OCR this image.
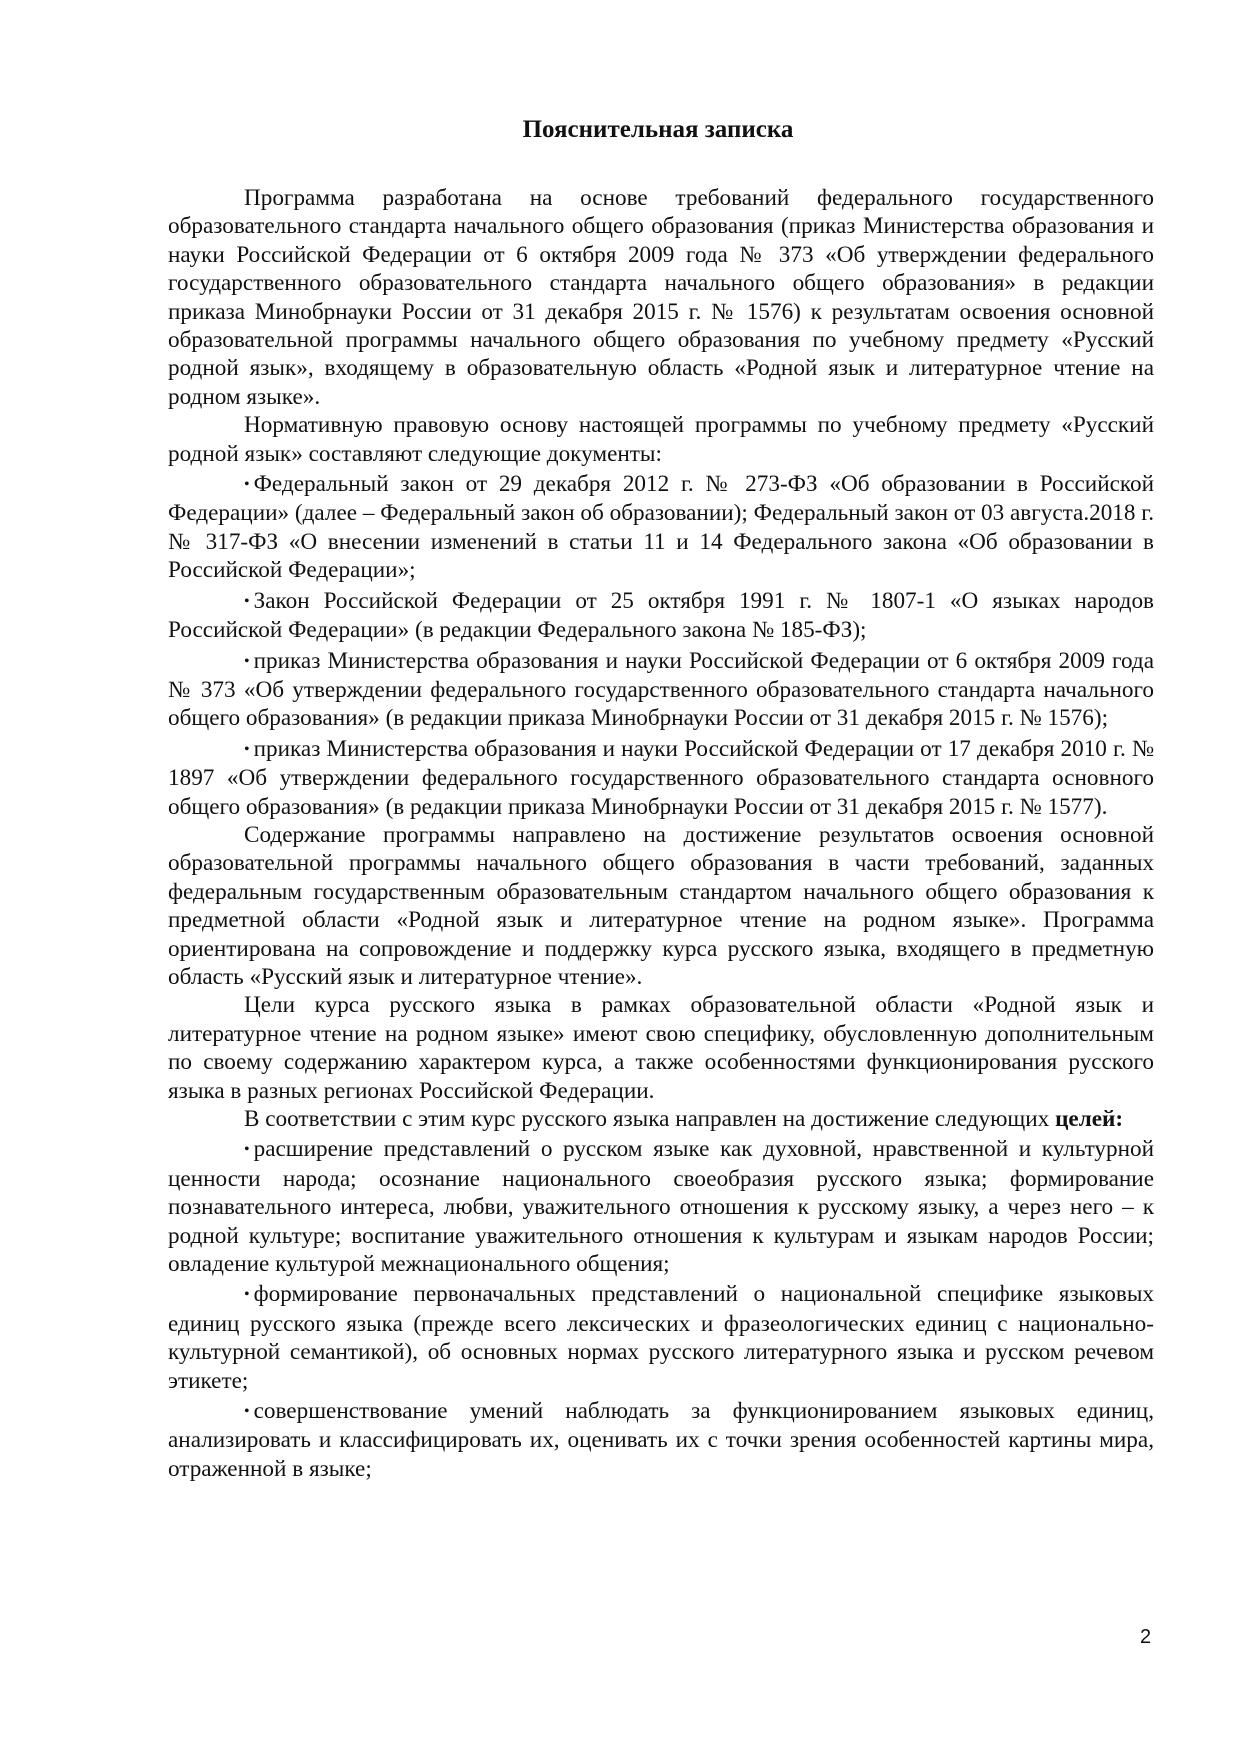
Пояснительная записка

Программа разработана на основе требований федерального государственного образовательного стандарта начального общего образования (приказ Министерства образования и науки Российской Федерации от 6 октября 2009 года № 373 «Об утверждении федерального государственного образовательного стандарта начального общего образования» в редакции приказа Минобрнауки России от 31 декабря 2015 г. № 1576) к результатам освоения основной образовательной программы начального общего образования по учебному предмету «Русский родной язык», входящему в образовательную область «Родной язык и литературное чтение на родном языке».

Нормативную правовую основу настоящей программы по учебному предмету «Русский родной язык» составляют следующие документы:

• Федеральный закон от 29 декабря 2012 г. № 273-ФЗ «Об образовании в Российской Федерации» (далее – Федеральный закон об образовании); Федеральный закон от 03 августа.2018 г. № 317-ФЗ «О внесении изменений в статьи 11 и 14 Федерального закона «Об образовании в Российской Федерации»;

• Закон Российской Федерации от 25 октября 1991 г. № 1807-1 «О языках народов Российской Федерации» (в редакции Федерального закона № 185-ФЗ);

• приказ Министерства образования и науки Российской Федерации от 6 октября 2009 года № 373 «Об утверждении федерального государственного образовательного стандарта начального общего образования» (в редакции приказа Минобрнауки России от 31 декабря 2015 г. № 1576);

• приказ Министерства образования и науки Российской Федерации от 17 декабря 2010 г. № 1897 «Об утверждении федерального государственного образовательного стандарта основного общего образования» (в редакции приказа Минобрнауки России от 31 декабря 2015 г. № 1577).

Содержание программы направлено на достижение результатов освоения основной образовательной программы начального общего образования в части требований, заданных федеральным государственным образовательным стандартом начального общего образования к предметной области «Родной язык и литературное чтение на родном языке». Программа ориентирована на сопровождение и поддержку курса русского языка, входящего в предметную область «Русский язык и литературное чтение».

Цели курса русского языка в рамках образовательной области «Родной язык и литературное чтение на родном языке» имеют свою специфику, обусловленную дополнительным по своему содержанию характером курса, а также особенностями функционирования русского языка в разных регионах Российской Федерации.

В соответствии с этим курс русского языка направлен на достижение следующих целей:

• расширение представлений о русском языке как духовной, нравственной и культурной ценности народа; осознание национального своеобразия русского языка; формирование познавательного интереса, любви, уважительного отношения к русскому языку, а через него – к родной культуре; воспитание уважительного отношения к культурам и языкам народов России; овладение культурой межнационального общения;

• формирование первоначальных представлений о национальной специфике языковых единиц русского языка (прежде всего лексических и фразеологических единиц с национально-культурной семантикой), об основных нормах русского литературного языка и русском речевом этикете;

• совершенствование умений наблюдать за функционированием языковых единиц, анализировать и классифицировать их, оценивать их с точки зрения особенностей картины мира, отраженной в языке;

2
